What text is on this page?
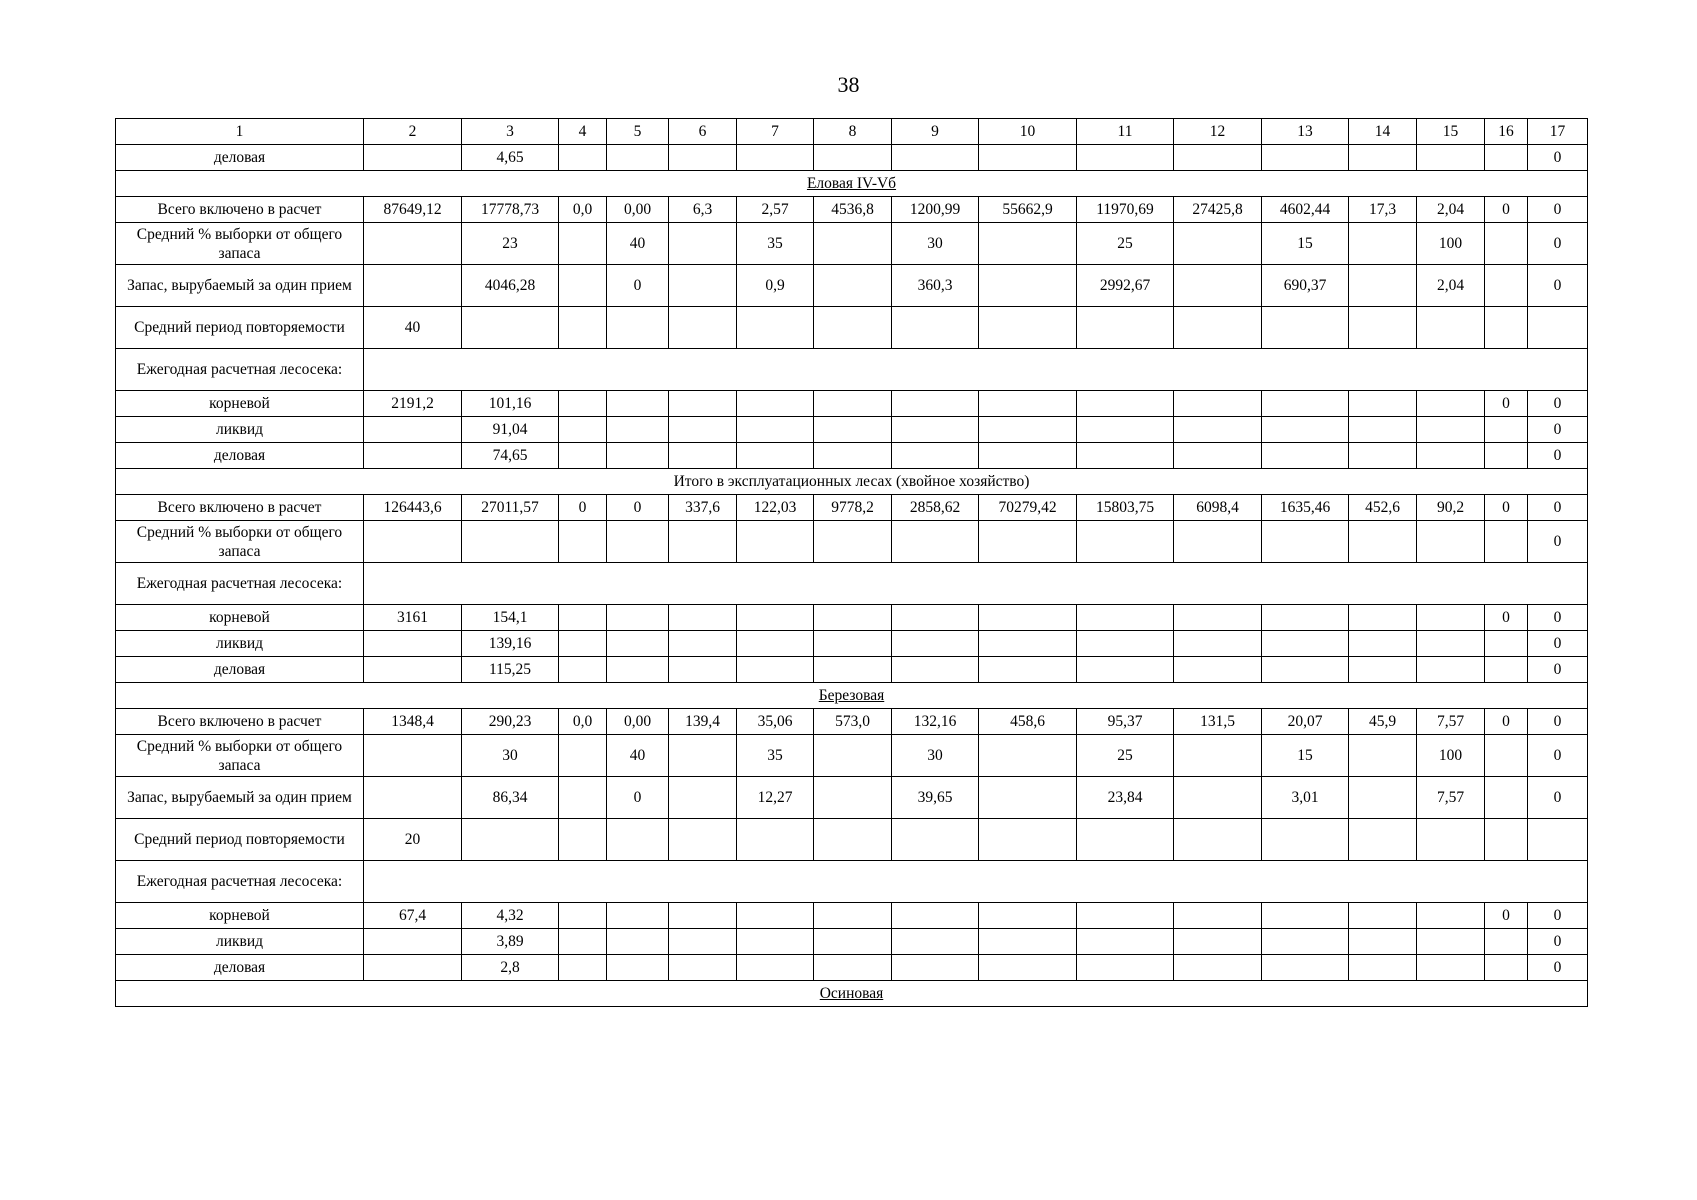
38
1	2	3	4	5	6	7	8	9	10	11	12	13	14	15	16	17
деловая		4,65														0
Еловая IV-Vб																
Всего включено в расчет	87649,12	17778,73	0,0	0,00	6,3	2,57	4536,8	1200,99	55662,9	11970,69	27425,8	4602,44	17,3	2,04	0	0
Средний % выборки от общего запаса		23		40		35		30		25		15		100		0
Запас, вырубаемый за один прием		4046,28		0		0,9		360,3		2992,67		690,37		2,04		0
Средний период повторяемости	40															
Ежегодная расчетная лесосека:																
корневой	2191,2	101,16													0	0
ликвид		91,04														0
деловая		74,65														0
Итого в эксплуатационных лесах (хвойное хозяйство)																
Всего включено в расчет	126443,6	27011,57	0	0	337,6	122,03	9778,2	2858,62	70279,42	15803,75	6098,4	1635,46	452,6	90,2	0	0
Средний % выборки от общего запаса																0
Ежегодная расчетная лесосека:																
корневой	3161	154,1													0	0
ликвид		139,16														0
деловая		115,25														0
Березовая																
Всего включено в расчет	1348,4	290,23	0,0	0,00	139,4	35,06	573,0	132,16	458,6	95,37	131,5	20,07	45,9	7,57	0	0
Средний % выборки от общего запаса		30		40		35		30		25		15		100		0
Запас, вырубаемый за один прием		86,34		0		12,27		39,65		23,84		3,01		7,57		0
Средний период повторяемости	20															
Ежегодная расчетная лесосека:																
корневой	67,4	4,32													0	0
ликвид		3,89														0
деловая		2,8														0
Осиновая																
